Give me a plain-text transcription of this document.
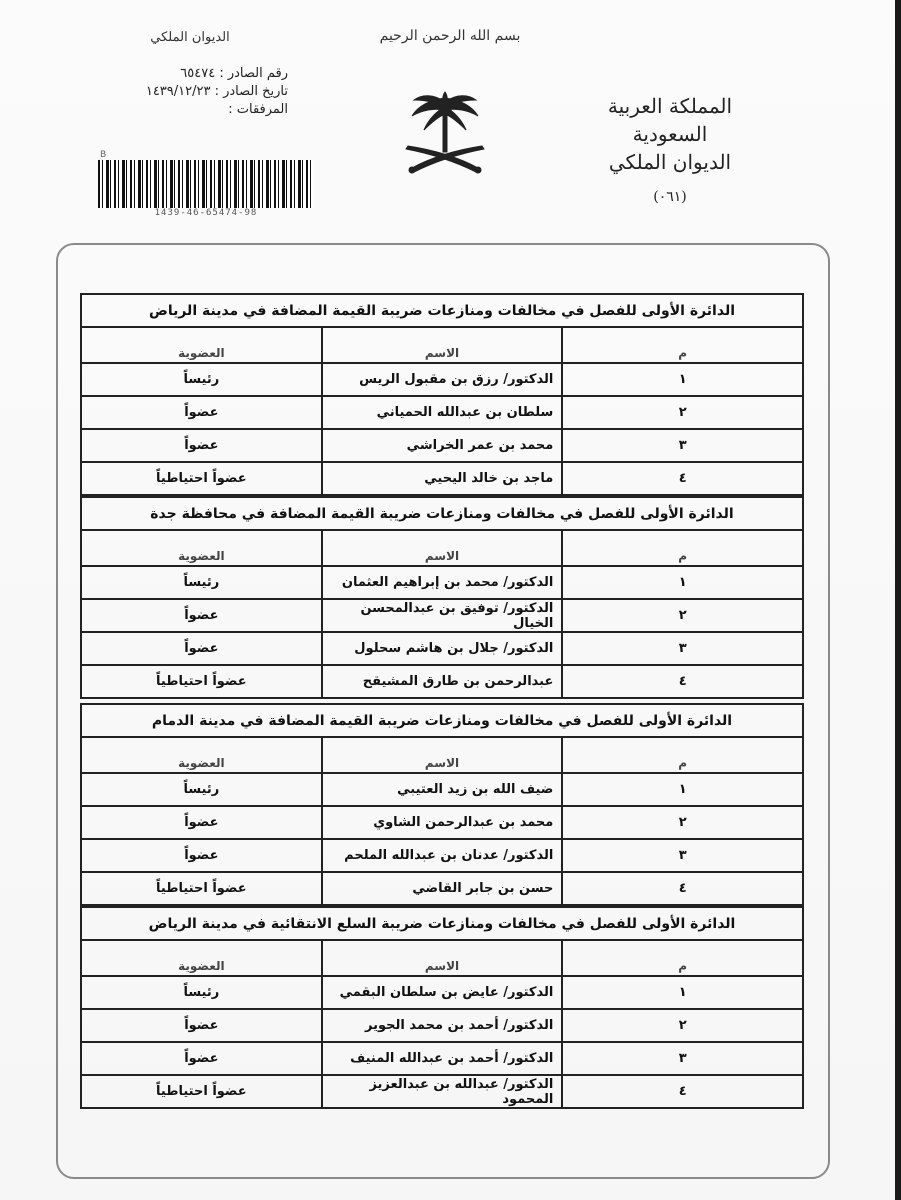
بسم الله الرحمن الرحيم
الديوان الملكي
رقم الصادر : ٦٥٤٧٤
تاريخ الصادر : ١٤٣٩/١٢/٢٣
المرفقات :
B
1439-46-65474-98
المملكة العربية السعودية
الديوان الملكي
(٠٦١)
الدائرة الأولى للفصل في مخالفات ومنازعات ضريبة القيمة المضافة في مدينة الرياض		
م	الاسم	العضوية
١	الدكتور/ رزق بن مقبول الريس	رئيساً
٢	سلطان بن عبدالله الحمياني	عضواً
٣	محمد بن عمر الخراشي	عضواً
٤	ماجد بن خالد اليحيي	عضواً احتياطياً
الدائرة الأولى للفصل في مخالفات ومنازعات ضريبة القيمة المضافة في محافظة جدة		
م	الاسم	العضوية
١	الدكتور/ محمد بن إبراهيم العثمان	رئيساً
٢	الدكتور/ توفيق بن عبدالمحسن الخيال	عضواً
٣	الدكتور/ جلال بن هاشم سحلول	عضواً
٤	عبدالرحمن بن طارق المشيقح	عضواً احتياطياً
الدائرة الأولى للفصل في مخالفات ومنازعات ضريبة القيمة المضافة في مدينة الدمام		
م	الاسم	العضوية
١	ضيف الله بن زيد العتيبي	رئيساً
٢	محمد بن عبدالرحمن الشاوي	عضواً
٣	الدكتور/ عدنان بن عبدالله الملحم	عضواً
٤	حسن بن جابر القاضي	عضواً احتياطياً
الدائرة الأولى للفصل في مخالفات ومنازعات ضريبة السلع الانتقائية في مدينة الرياض		
م	الاسم	العضوية
١	الدكتور/ عايض بن سلطان البقمي	رئيساً
٢	الدكتور/ أحمد بن محمد الجوير	عضواً
٣	الدكتور/ أحمد بن عبدالله المنيف	عضواً
٤	الدكتور/ عبدالله بن عبدالعزيز المحمود	عضواً احتياطياً
